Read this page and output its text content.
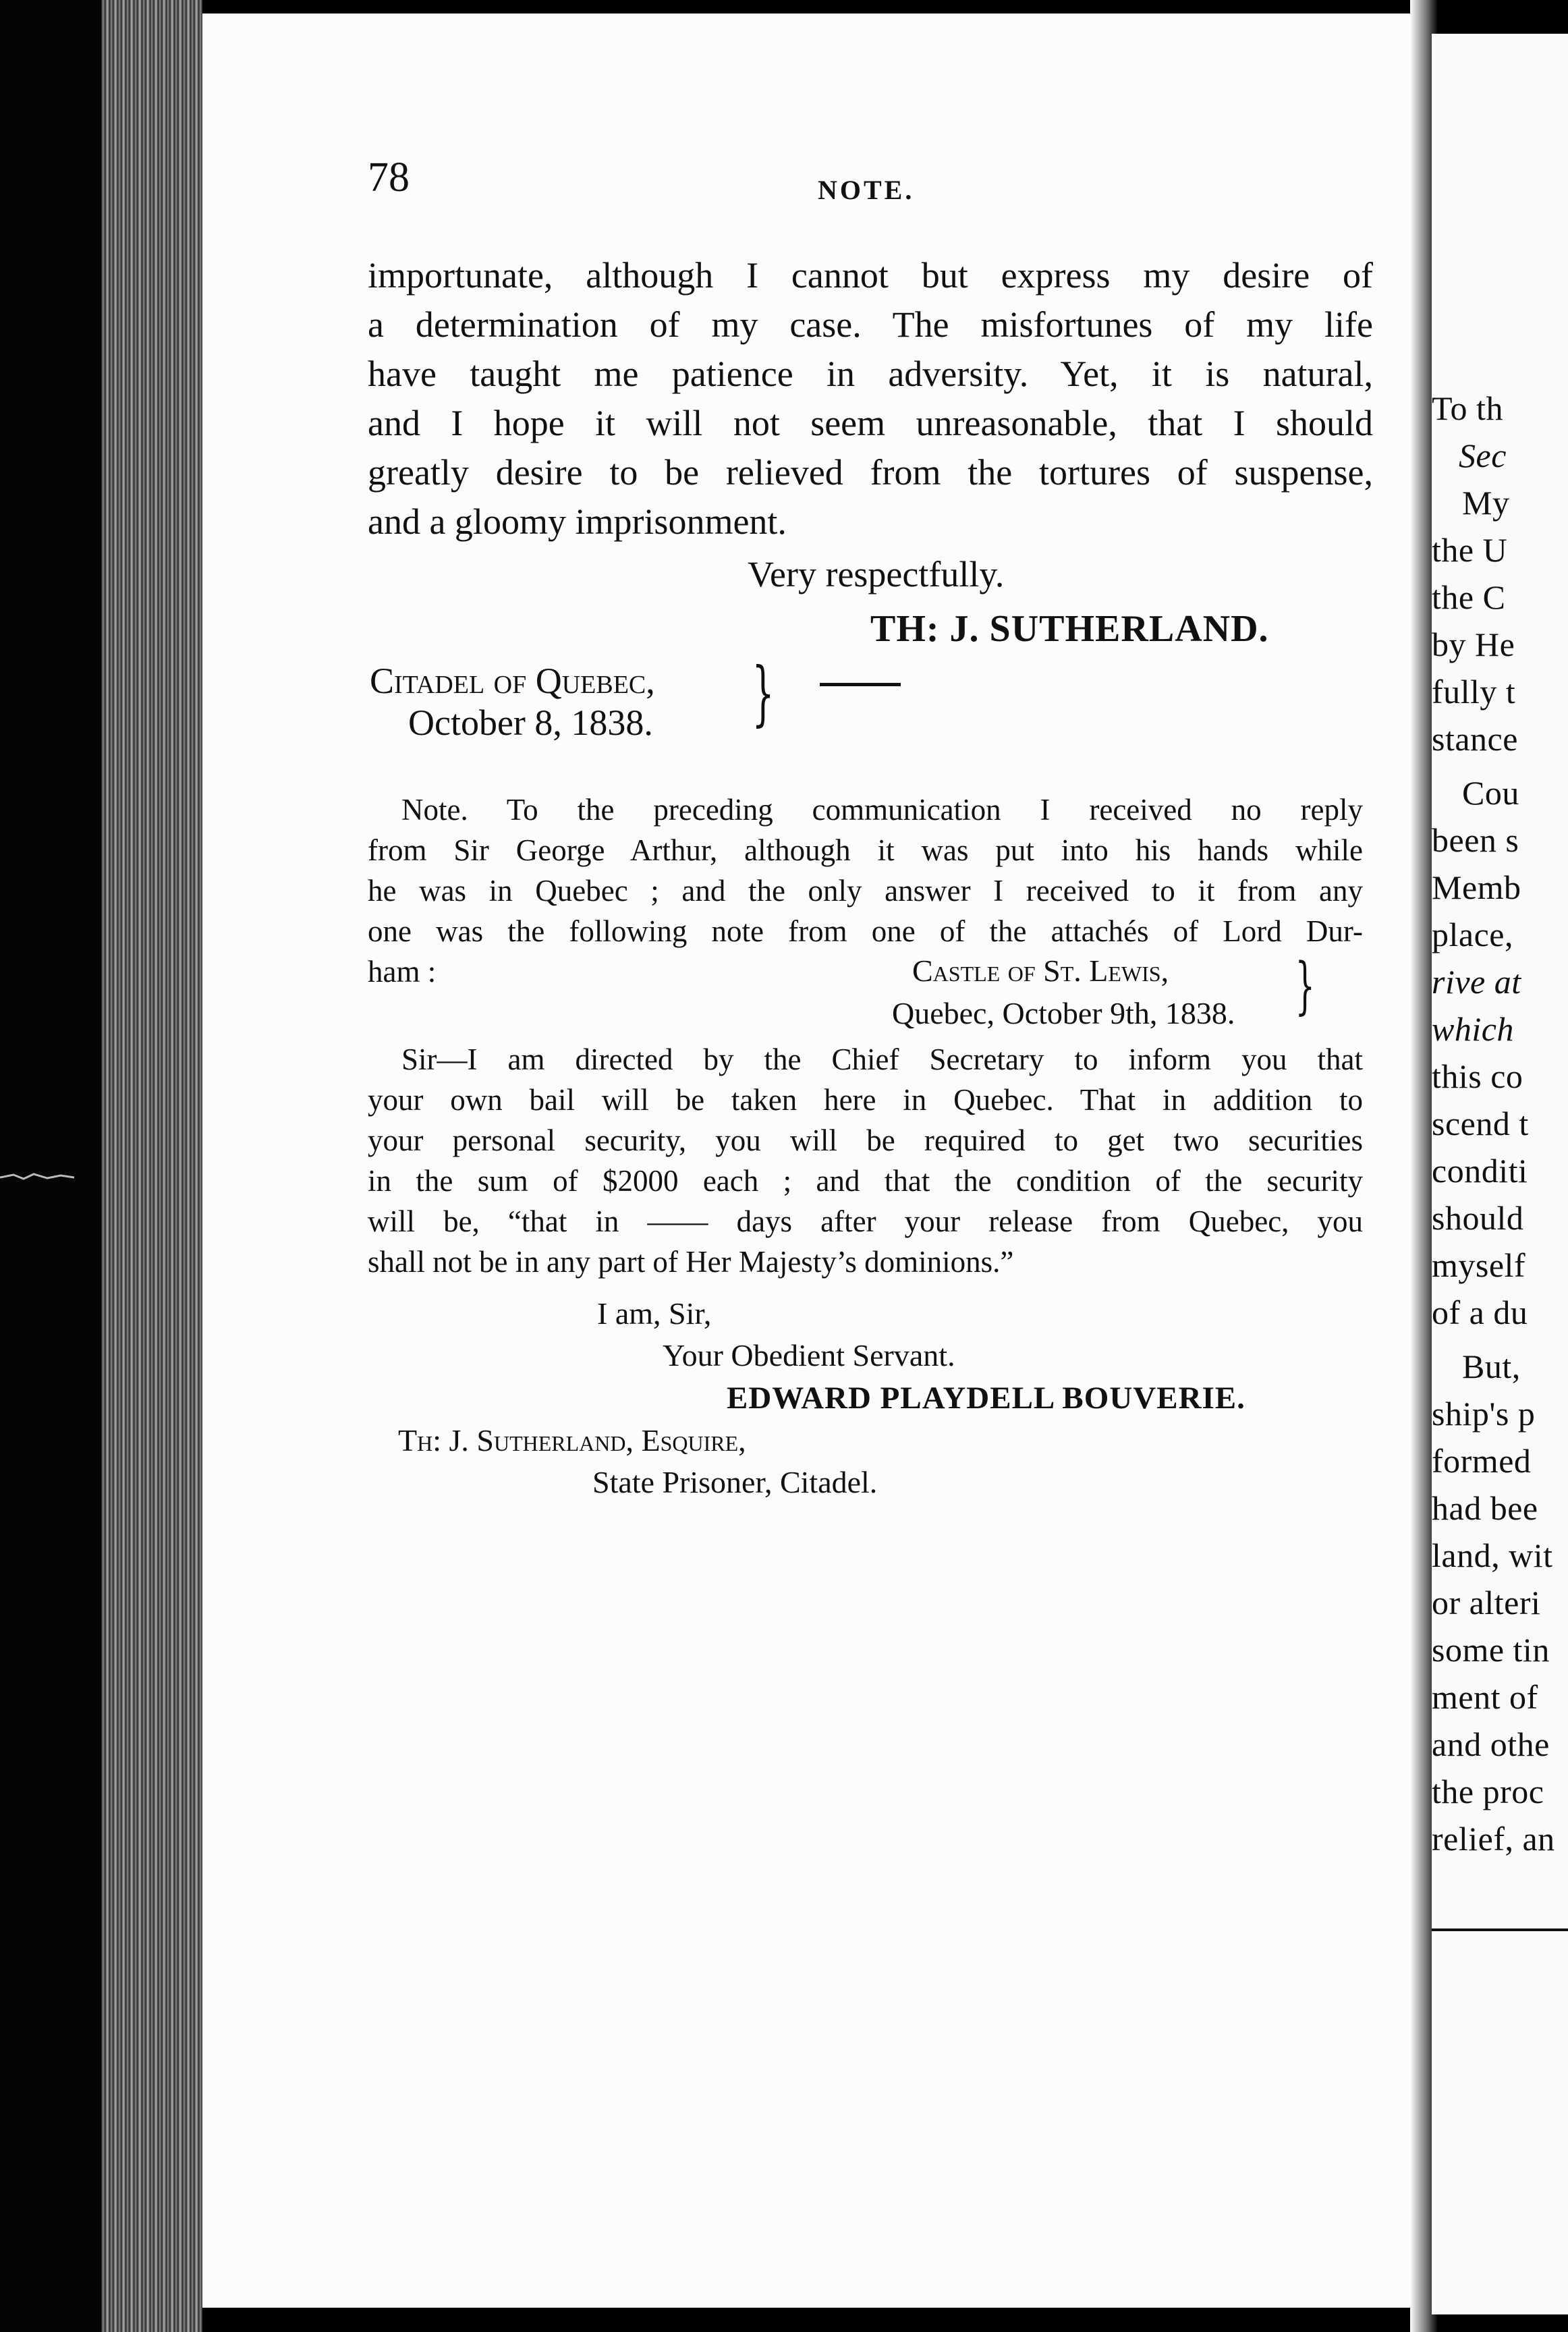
78	NOTE.
importunate, although I cannot but express my desire of
a determination of my case. The misfortunes of my life
have taught me patience in adversity. Yet, it is natural,
and I hope it will not seem unreasonable, that I should
greatly desire to be relieved from the tortures of suspense,
and a gloomy imprisonment.
Very respectfully.
TH: J. SUTHERLAND.
Citadel of Quebec,
October 8, 1838. }
Note. To the preceding communication I received no reply
from Sir George Arthur, although it was put into his hands while
he was in Quebec ; and the only answer I received to it from any
one was the following note from one of the attachés of Lord Dur-
ham :	Castle of St. Lewis,
Quebec, October 9th, 1838. }
Sir—I am directed by the Chief Secretary to inform you that
your own bail will be taken here in Quebec. That in addition to
your personal security, you will be required to get two securities
in the sum of $2000 each ; and that the condition of the security
will be, “that in —— days after your release from Quebec, you
shall not be in any part of Her Majesty’s dominions.”
I am, Sir,
Your Obedient Servant.
EDWARD PLAYDELL BOUVERIE.
Th: J. Sutherland, Esquire,
State Prisoner, Citadel.
To th
Sec
My
the U
the C
by He
fully t
stance
Cou
been s
Memb
place,
rive at
which
this co
scend t
conditi
should
myself
of a du
But,
ship's p
formed
had bee
land, wit
or alteri
some tin
ment of
and othe
the proc
relief, an
